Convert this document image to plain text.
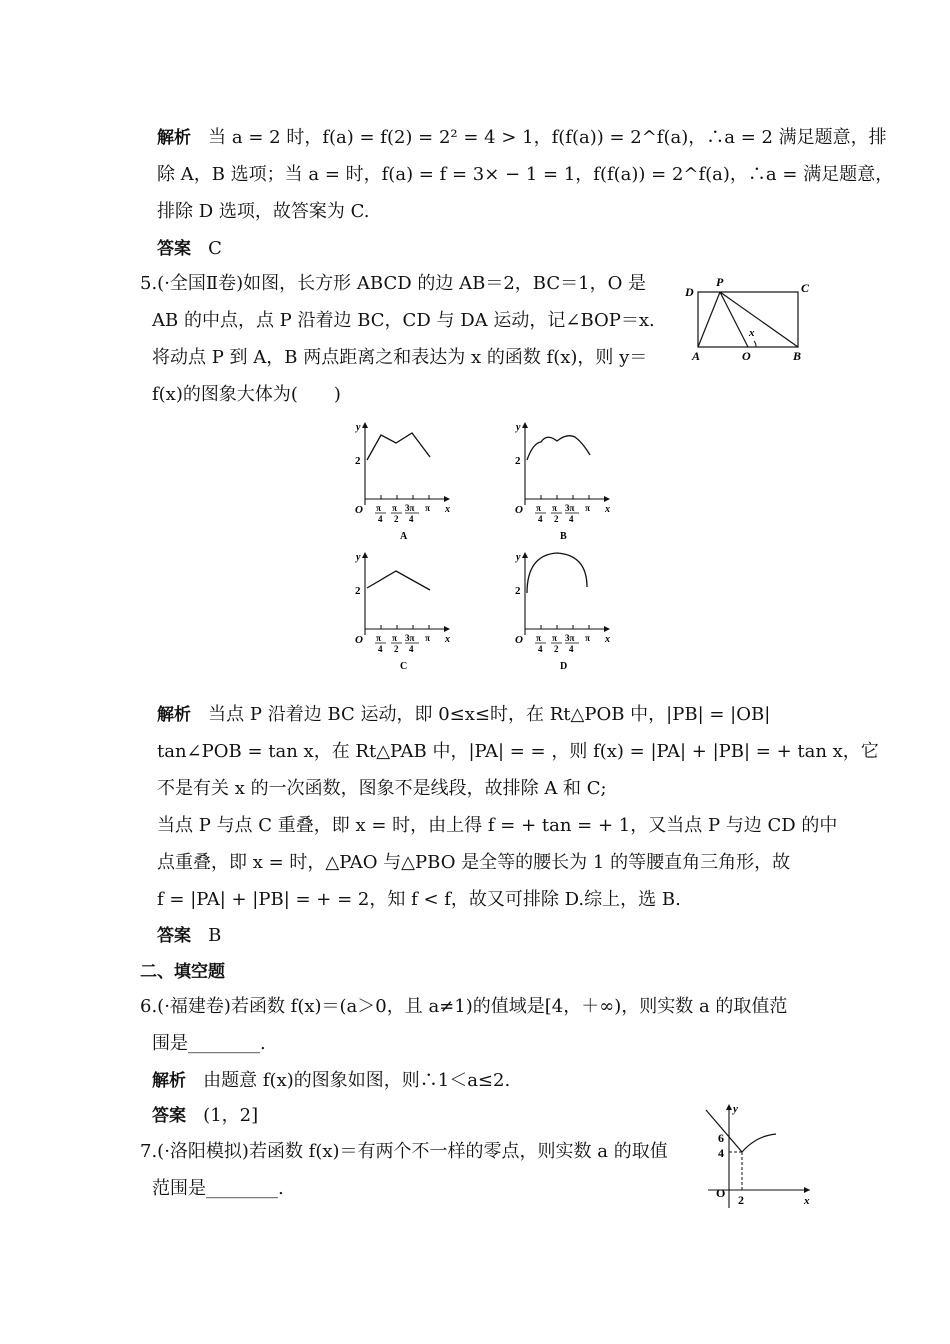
解析 当 a = 2 时，f(a) = f(2) = 2² = 4 > 1，f(f(a)) = 2^f(a)，∴a = 2 满足题意，排
除 A，B 选项；当 a = 时，f(a) = f = 3× − 1 = 1，f(f(a)) = 2^f(a)，∴a = 满足题意，
排除 D 选项，故答案为 C.
答案 C
5.(·全国Ⅱ卷)如图，长方形 ABCD 的边 AB＝2，BC＝1，O 是
AB 的中点，点 P 沿着边 BC，CD 与 DA 运动，记∠BOP＝x.
将动点 P 到 A，B 两点距离之和表达为 x 的函数 f(x)，则 y＝
f(x)的图象大体为(　　)
D
P	C
A	O	B
x
y
x
2
O π
4
π
2
3π
4
π
A
y
x
2
O π
4
π
2
3π
4
π
B
y
x
2
O π
4
π
2
3π
4
π
C
y
x
2
O π
4
π
2
3π
4
π
D
解析 当点 P 沿着边 BC 运动，即 0≤x≤时，在 Rt△POB 中，|PB| = |OB|
tan∠POB = tan x，在 Rt△PAB 中，|PA| = = ，则 f(x) = |PA| + |PB| = + tan x，它
不是有关 x 的一次函数，图象不是线段，故排除 A 和 C;
当点 P 与点 C 重叠，即 x = 时，由上得 f = + tan = + 1，又当点 P 与边 CD 的中
点重叠，即 x = 时，△PAO 与△PBO 是全等的腰长为 1 的等腰直角三角形，故
f = |PA| + |PB| = + = 2，知 f < f，故又可排除 D.综上，选 B.
答案 B
二、填空题
6.(·福建卷)若函数 f(x)＝(a＞0，且 a≠1)的值域是[4，＋∞)，则实数 a 的取值范
围是________.
解析 由题意 f(x)的图象如图，则∴1＜a≤2.
答案 (1，2]
7.(·洛阳模拟)若函数 f(x)＝有两个不一样的零点，则实数 a 的取值
范围是________.
y
x
O
6
4
2
